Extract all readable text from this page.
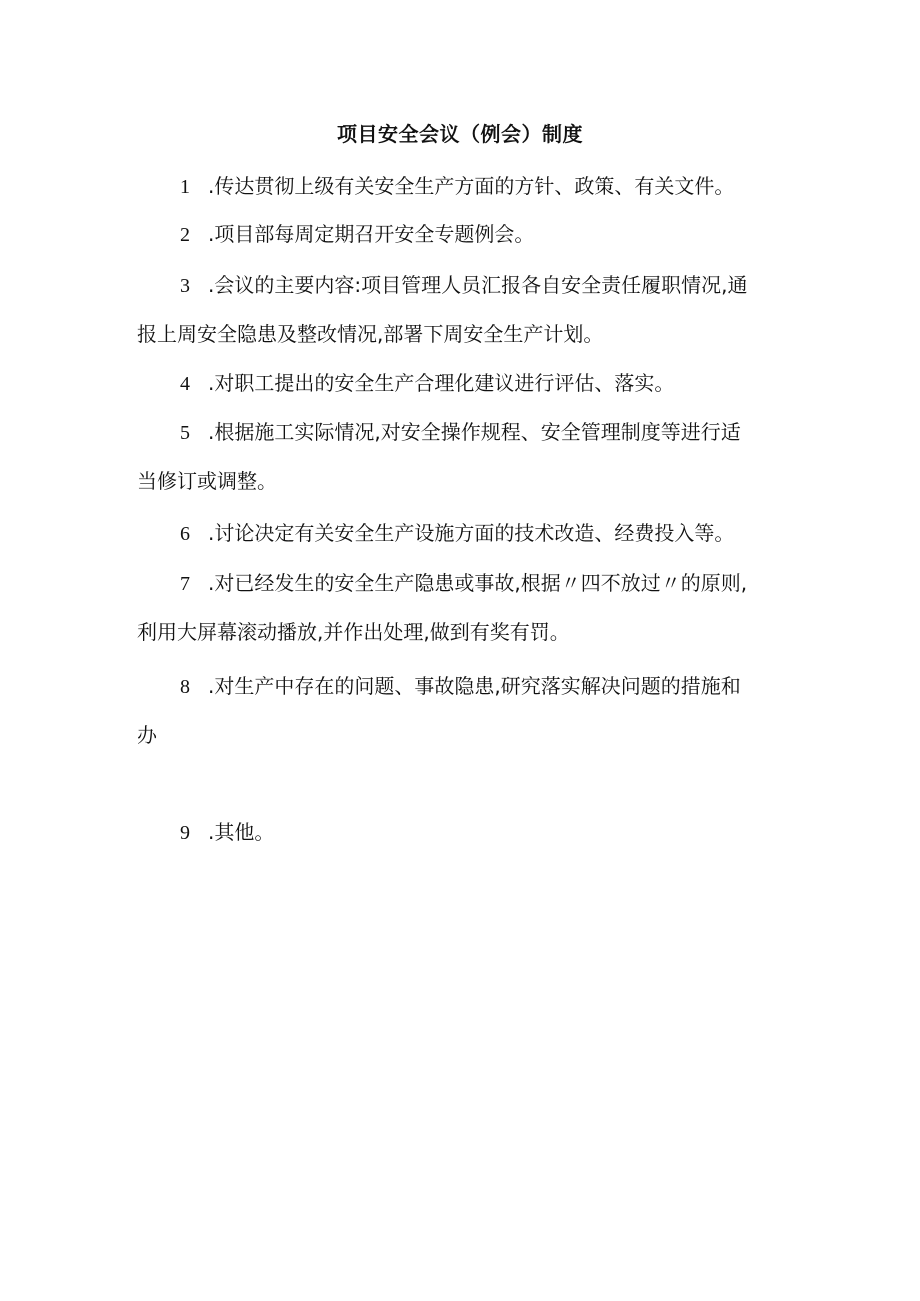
项目安全会议（例会）制度
1 .传达贯彻上级有关安全生产方面的方针、政策、有关文件。
2 .项目部每周定期召开安全专题例会。
3 .会议的主要内容:项目管理人员汇报各自安全责任履职情况,通
报上周安全隐患及整改情况,部署下周安全生产计划。
4 .对职工提出的安全生产合理化建议进行评估、落实。
5 .根据施工实际情况,对安全操作规程、安全管理制度等进行适
当修订或调整。
6 .讨论决定有关安全生产设施方面的技术改造、经费投入等。
7 .对已经发生的安全生产隐患或事故,根据〃四不放过〃的原则,
利用大屏幕滚动播放,并作出处理,做到有奖有罚。
8 .对生产中存在的问题、事故隐患,研究落实解决问题的措施和
办
9 .其他。
